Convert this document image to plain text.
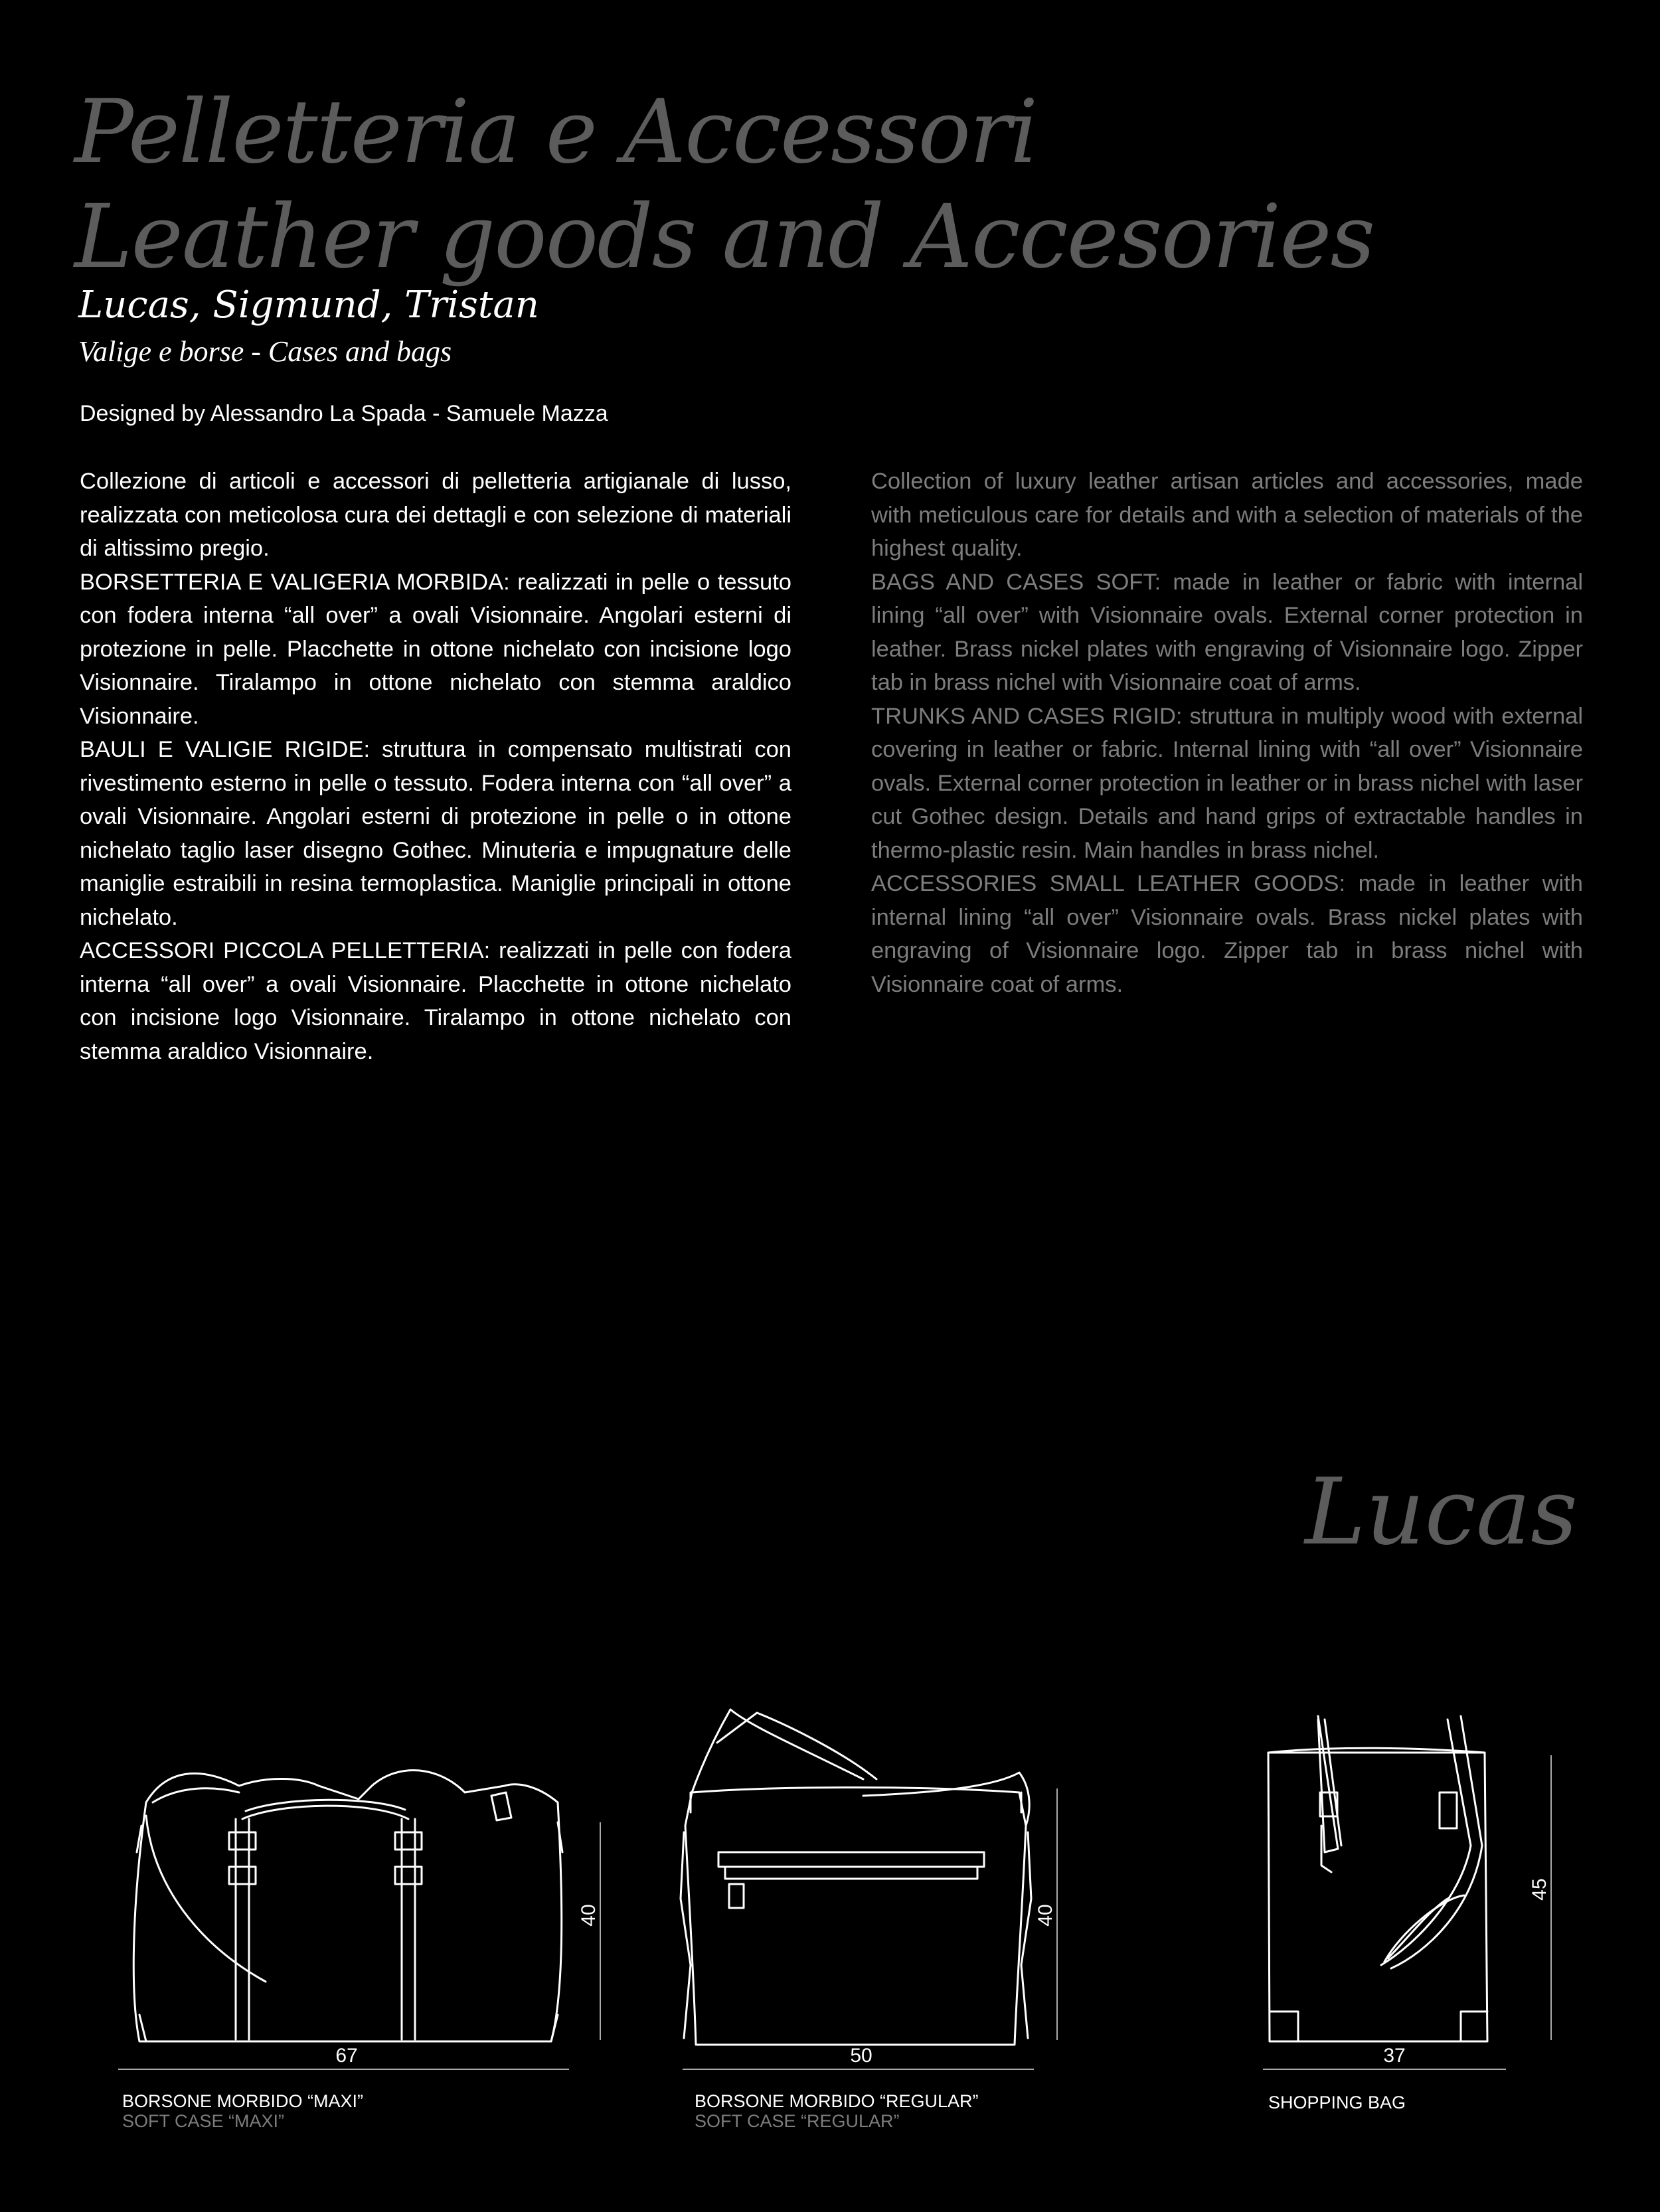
Pelletteria e Accessori
Leather goods and Accesories
Lucas, Sigmund, Tristan
Valige e borse - Cases and bags
Designed by Alessandro La Spada - Samuele Mazza

Collezione di articoli e accessori di pelletteria artigianale di lusso, realizzata con meticolosa cura dei dettagli e con selezione di materiali di altissimo pregio.

BORSETTERIA E VALIGERIA MORBIDA: realizzati in pelle o tessuto con fodera interna “all over” a ovali Visionnaire. Angolari esterni di protezione in pelle. Placchette in ottone nichelato con incisione logo Visionnaire. Tiralampo in ottone nichelato con stemma araldico Visionnaire.

BAULI E VALIGIE RIGIDE: struttura in compensato multistrati con rivestimento esterno in pelle o tessuto. Fodera interna con “all over” a ovali Visionnaire. Angolari esterni di protezione in pelle o in ottone nichelato taglio laser disegno Gothec. Minuteria e impugnature delle maniglie estraibili in resina termoplastica. Maniglie principali in ottone nichelato.

ACCESSORI PICCOLA PELLETTERIA: realizzati in pelle con fodera interna “all over” a ovali Visionnaire. Placchette in ottone nichelato con incisione logo Visionnaire. Tiralampo in ottone nichelato con stemma araldico Visionnaire.

Collection of luxury leather artisan articles and accessories, made with meticulous care for details and with a selection of materials of the highest quality.

BAGS AND CASES SOFT: made in leather or fabric with internal lining “all over” with Visionnaire ovals. External corner protection in leather. Brass nickel plates with engraving of Visionnaire logo. Zipper tab in brass nichel with Visionnaire coat of arms.

TRUNKS AND CASES RIGID: struttura in multiply wood with external covering in leather or fabric. Internal lining with “all over” Visionnaire ovals. External corner protection in leather or in brass nichel with laser cut Gothec design. Details and hand grips of extractable handles in thermo-plastic resin. Main handles in brass nichel.

ACCESSORIES SMALL LEATHER GOODS: made in leather with internal lining “all over” Visionnaire ovals. Brass nickel plates with engraving of Visionnaire logo. Zipper tab in brass nichel with Visionnaire coat of arms.

Lucas
67
40
50
40
37
45
BORSONE MORBIDO “MAXI”
SOFT CASE “MAXI”
BORSONE MORBIDO “REGULAR”
SOFT CASE “REGULAR”
SHOPPING BAG
